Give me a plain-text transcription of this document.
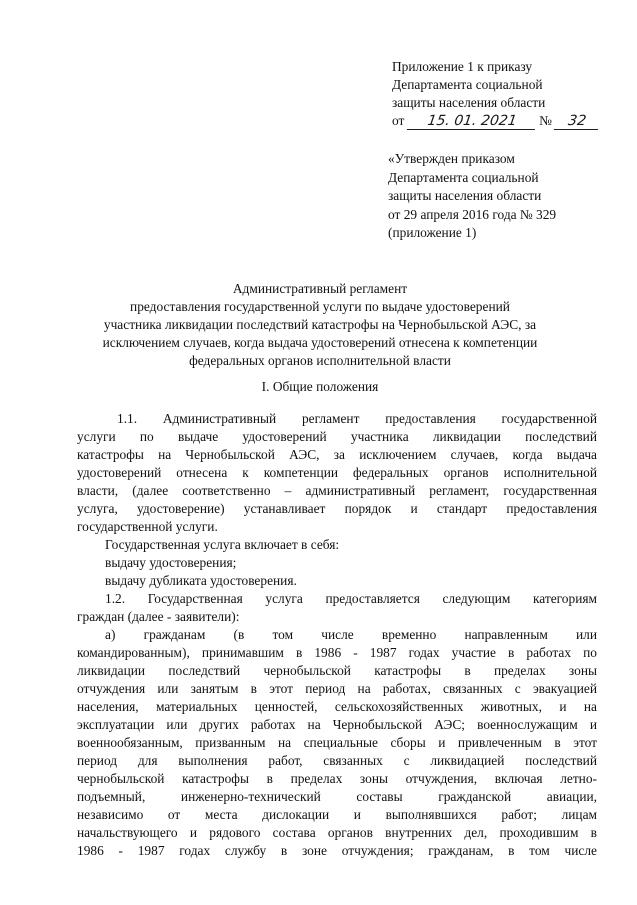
Приложение 1 к приказу
Департамента социальной
защиты населения области
от 15. 01. 2021 № 32
«Утвержден приказом
Департамента социальной
защиты населения области
от 29 апреля 2016 года № 329
(приложение 1)
Административный регламент
предоставления государственной услуги по выдаче удостоверений
участника ликвидации последствий катастрофы на Чернобыльской АЭС, за
исключением случаев, когда выдача удостоверений отнесена к компетенции
федеральных органов исполнительной власти
I. Общие положения
1.1. Административный регламент предоставления государственной
услуги по выдаче удостоверений участника ликвидации последствий
катастрофы на Чернобыльской АЭС, за исключением случаев, когда выдача
удостоверений отнесена к компетенции федеральных органов исполнительной
власти, (далее соответственно – административный регламент, государственная
услуга, удостоверение) устанавливает порядок и стандарт предоставления
государственной услуги.
Государственная услуга включает в себя:
выдачу удостоверения;
выдачу дубликата удостоверения.
1.2. Государственная услуга предоставляется следующим категориям
граждан (далее - заявители):
а) гражданам (в том числе временно направленным или
командированным), принимавшим в 1986 - 1987 годах участие в работах по
ликвидации последствий чернобыльской катастрофы в пределах зоны
отчуждения или занятым в этот период на работах, связанных с эвакуацией
населения, материальных ценностей, сельскохозяйственных животных, и на
эксплуатации или других работах на Чернобыльской АЭС; военнослужащим и
военнообязанным, призванным на специальные сборы и привлеченным в этот
период для выполнения работ, связанных с ликвидацией последствий
чернобыльской катастрофы в пределах зоны отчуждения, включая летно-
подъемный, инженерно-технический составы гражданской авиации,
независимо от места дислокации и выполнявшихся работ; лицам
начальствующего и рядового состава органов внутренних дел, проходившим в
1986 - 1987 годах службу в зоне отчуждения; гражданам, в том числе
